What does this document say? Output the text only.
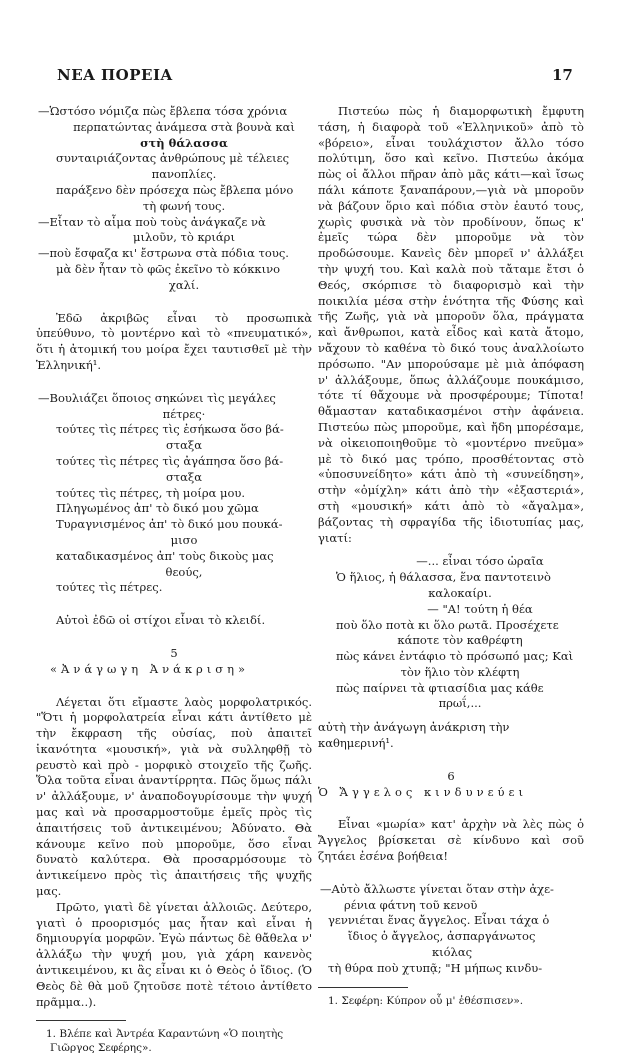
ΝΕΑ ΠΟΡΕΙΑ	17

—Ὡστόσο νόμιζα πὼς ἔβλεπα τόσα χρόνια

περπατώντας ἀνάμεσα στὰ βουνὰ καὶ

στὴ θάλασσα

συνταιριάζοντας ἀνθρώπους μὲ τέλειες

πανοπλίες.

παράξενο δὲν πρόσεχα πὼς ἔβλεπα μόνο

τὴ φωνή τους.

—Εἶταν τὸ αἷμα ποὺ τοὺς ἀνάγκαζε νὰ

μιλοῦν, τὸ κριάρι

—ποὺ ἔσφαζα κι' ἔστρωνα στὰ πόδια τους.

μὰ δὲν ἦταν τὸ φῶς ἐκεῖνο τὸ κόκκινο

χαλί.

Ἐδῶ ἀκριβῶς εἶναι τὸ προσωπικὰ ὑπεύθυνο, τὸ μοντέρνο καὶ τὸ «πνευματικό», ὅτι ἡ ἀτομική του μοίρα ἔχει ταυτισθεῖ μὲ τὴν Ἑλληνική¹.

—Βουλιάζει ὅποιος σηκώνει τὶς μεγάλες

πέτρες·

τούτες τὶς πέτρες τὶς ἐσήκωσα ὅσο βά-

σταξα

τούτες τὶς πέτρες τὶς ἀγάπησα ὅσο βά-

σταξα

τούτες τὶς πέτρες, τὴ μοίρα μου.

Πληγωμένος ἀπ' τὸ δικό μου χῶμα

Τυραγνισμένος ἀπ' τὸ δικό μου πουκά-

μισο

καταδικασμένος ἀπ' τοὺς δικοὺς μας

θεούς,

τούτες τὶς πέτρες.

Αὐτοὶ ἐδῶ οἱ στίχοι εἶναι τὸ κλειδί.

5

«Ἀνάγωγη Ἀνάκριση»

Λέγεται ὅτι εἴμαστε λαὸς μορφολατρικός. "Ὅτι ἡ μορφολατρεία εἶναι κάτι ἀντίθετο μὲ τὴν ἔκφραση τῆς οὐσίας, ποὺ ἀπαιτεῖ ἱκανότητα «μουσική», γιὰ νὰ συλληφθῇ τὸ ρευστὸ καὶ πρὸ - μορφικὸ στοιχεῖο τῆς ζωῆς. Ὅλα τοῦτα εἶναι ἀναντίρρητα. Πῶς ὅμως πάλι ν' ἀλλάξουμε, ν' ἀναποδογυρίσουμε τὴν ψυχή μας καὶ νὰ προσαρμοστοῦμε ἐμεῖς πρὸς τὶς ἀπαιτήσεις τοῦ ἀντικειμένου; Ἀδύνατο. Θὰ κάνουμε κεῖνο ποὺ μποροῦμε, ὅσο εἶναι δυνατὸ καλύτερα. Θὰ προσαρμόσουμε τὸ ἀντικείμενο πρὸς τὶς ἀπαιτήσεις τῆς ψυχῆς μας.

Πρῶτο, γιατὶ δὲ γίνεται ἀλλοιῶς. Δεύτερο, γιατὶ ὁ προορισμός μας ἦταν καὶ εἶναι ἡ δημιουργία μορφῶν. Ἐγὼ πάντως δὲ θἄθελα ν' ἀλλάξω τὴν ψυχή μου, γιὰ χάρη κανενὸς ἀντικειμένου, κι ἂς εἶναι κι ὁ Θεὸς ὁ ἴδιος. (Ὁ Θεὸς δὲ θὰ μοῦ ζητοῦσε ποτὲ τέτοιο ἀντίθετο πρᾶμμα..).

1. Βλέπε καὶ Ἀντρέα Καραντώνη «Ὁ ποιητὴς Γιῶργος Σεφέρης».

Πιστεύω πὼς ἡ διαμορφωτικὴ ἔμφυτη τάση, ἡ διαφορὰ τοῦ «Ἑλληνικοῦ» ἀπὸ τὸ «βόρειο», εἶναι τουλάχιστον ἄλλο τόσο πολύτιμη, ὅσο καὶ κεῖνο. Πιστεύω ἀκόμα πὼς οἱ ἄλλοι πῆραν ἀπὸ μᾶς κάτι—καὶ ἴσως πάλι κάποτε ξαναπάρουν,—γιὰ νὰ μποροῦν νὰ βάζουν ὅριο καὶ πόδια στὸν ἑαυτό τους, χωρὶς φυσικὰ νὰ τὸν προδίνουν, ὅπως κ' ἐμεῖς τώρα δὲν μποροῦμε νὰ τὸν προδώσουμε. Κανεὶς δὲν μπορεῖ ν' ἀλλάξει τὴν ψυχή του. Καὶ καλὰ ποὺ τἄταμε ἔτσι ὁ Θεός, σκόρπισε τὸ διαφορισμὸ καὶ τὴν ποικιλία μέσα στὴν ἑνότητα τῆς Φύσης καὶ τῆς Ζωῆς, γιὰ νὰ μποροῦν ὅλα, πράγματα καὶ ἄνθρωποι, κατὰ εἶδος καὶ κατὰ ἄτομο, νἄχουν τὸ καθένα τὸ δικό τους ἀναλλοίωτο πρόσωπο. "Αν μπορούσαμε μὲ μιὰ ἀπόφαση ν' ἀλλάξουμε, ὅπως ἀλλάζουμε πουκάμισο, τότε τί θἄχουμε νὰ προσφέρουμε; Τίποτα! θἄμασταν καταδικασμένοι στὴν ἀφάνεια. Πιστεύω πὼς μποροῦμε, καὶ ἤδη μπορέσαμε, νὰ οἰκειοποιηθοῦμε τὸ «μοντέρνο πνεῦμα» μὲ τὸ δικό μας τρόπο, προσθέτοντας στὸ «ὑποσυνείδητο» κάτι ἀπὸ τὴ «συνείδηση», στὴν «ὁμίχλη» κάτι ἀπὸ τὴν «ἐξαστεριά», στὴ «μουσική» κάτι ἀπὸ τὸ «ἄγαλμα», βάζοντας τὴ σφραγίδα τῆς ἰδιοτυπίας μας, γιατί:

—... εἶναι τόσο ὡραῖα

Ὁ ἥλιος, ἡ θάλασσα, ἕνα παντοτεινὸ

καλοκαίρι.

— "Α! τούτη ἡ θέα

ποὺ ὅλο ποτὰ κι ὅλο ρωτᾶ. Προσέχετε

κάποτε τὸν καθρέφτη

πὼς κάνει ἐντάφιο τὸ πρόσωπό μας; Καὶ

τὸν ἥλιο τὸν κλέφτη

πὼς παίρνει τὰ φτιασίδια μας κάθε

πρωΐ,...

αὐτὴ τὴν ἀνάγωγη ἀνάκριση τὴν καθημερινή¹.

6

Ὁ Ἄγγελος κινδυνεύει

Εἶναι «μωρία» κατ' ἀρχὴν νὰ λὲς πὼς ὁ Ἄγγελος βρίσκεται σὲ κίνδυνο καὶ σοῦ ζητάει ἐσένα βοήθεια!

—Αὐτὸ ἄλλωστε γίνεται ὅταν στὴν ἀχε-

ρένια φάτνη τοῦ κενοῦ

γεννιέται ἕνας ἄγγελος. Εἶναι τάχα ὁ

ἴδιος ὁ ἄγγελος, ἀσπαργάνωτος

κιόλας

τὴ θύρα ποὺ χτυπᾷ; "Η μήπως κινδυ-

1. Σεφέρη: Κύπρον οὗ μ' ἐθέσπισεν».
